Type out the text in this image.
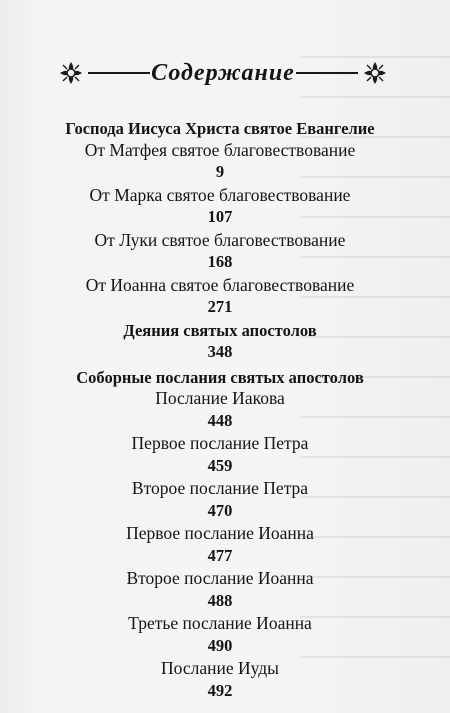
Содержание
Господа Иисуса Христа святое Евангелие
От Матфея святое благовествование
9
От Марка святое благовествование
107
От Луки святое благовествование
168
От Иоанна святое благовествование
271
Деяния святых апостолов
348
Соборные послания святых апостолов
Послание Иакова
448
Первое послание Петра
459
Второе послание Петра
470
Первое послание Иоанна
477
Второе послание Иоанна
488
Третье послание Иоанна
490
Послание Иуды
492
